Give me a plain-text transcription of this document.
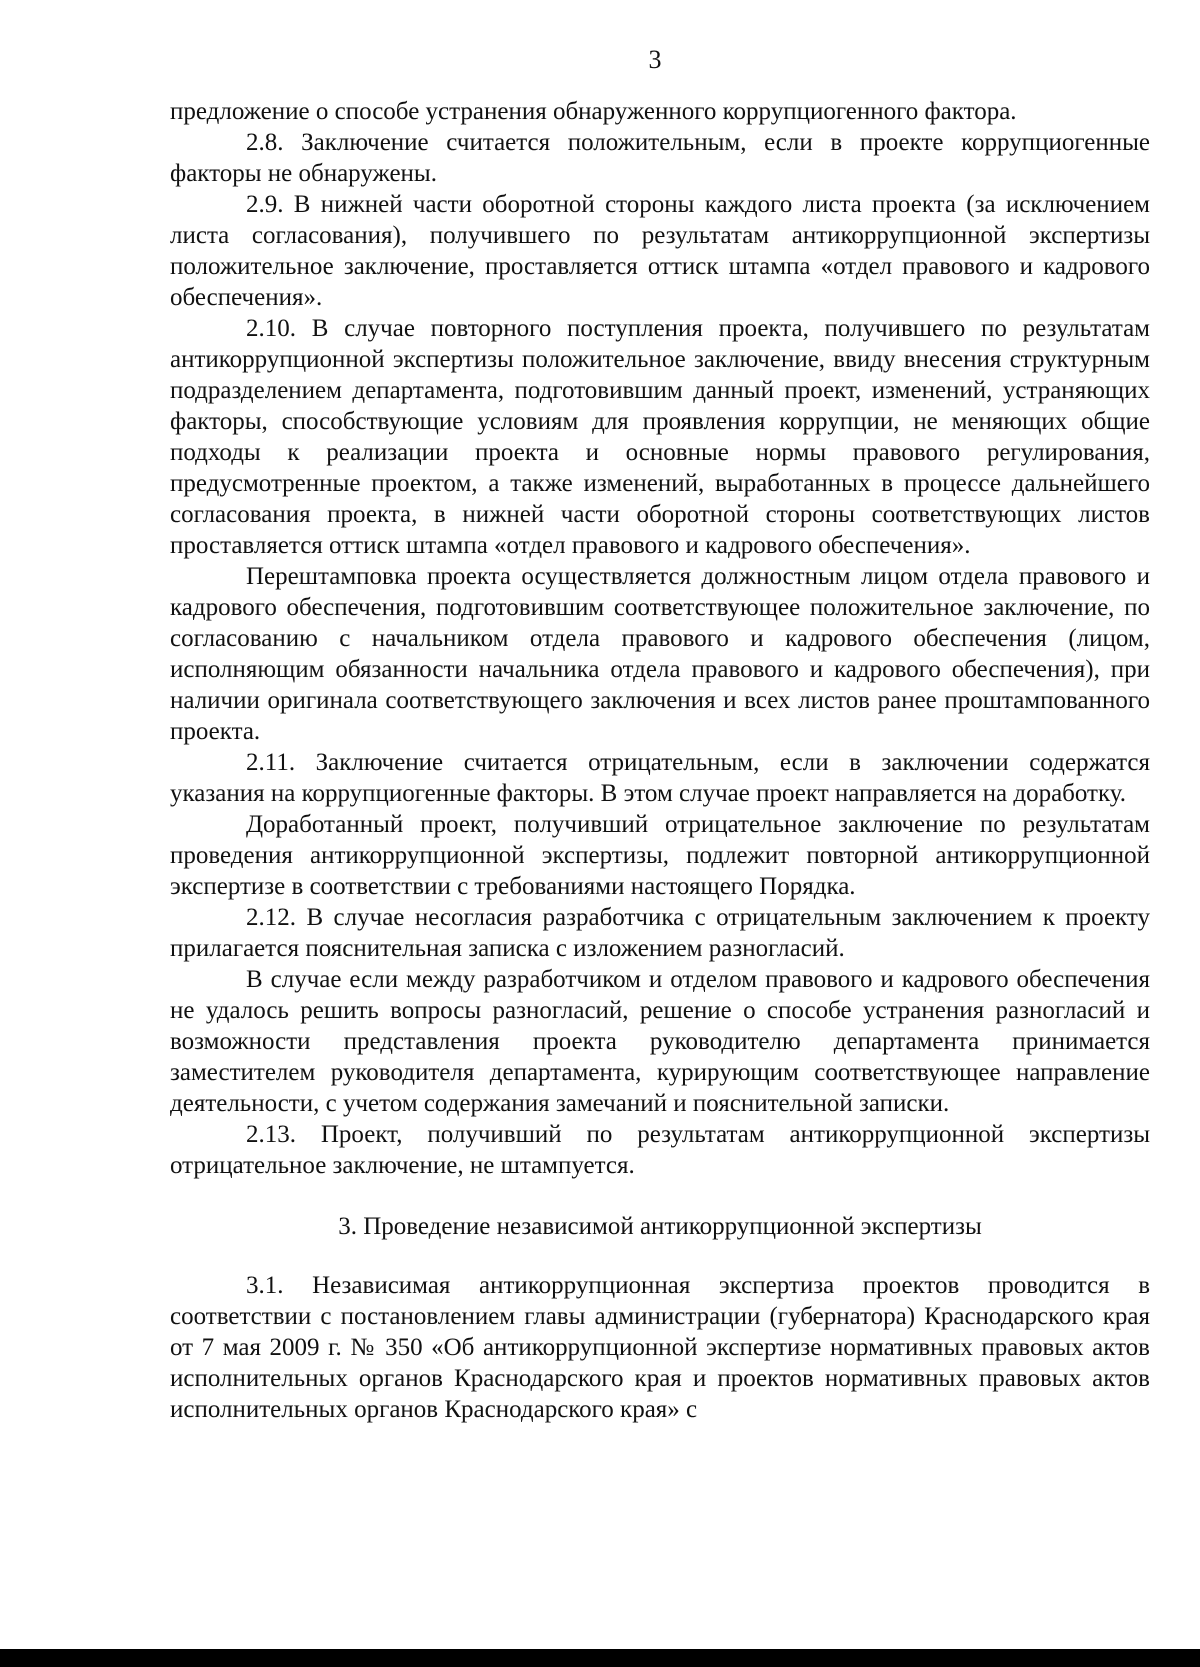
3

предложение о способе устранения обнаруженного коррупциогенного фактора.

2.8. Заключение считается положительным, если в проекте коррупциогенные факторы не обнаружены.

2.9. В нижней части оборотной стороны каждого листа проекта (за исключением листа согласования), получившего по результатам антикоррупционной экспертизы положительное заключение, проставляется оттиск штампа «отдел правового и кадрового обеспечения».

2.10. В случае повторного поступления проекта, получившего по результатам антикоррупционной экспертизы положительное заключение, ввиду внесения структурным подразделением департамента, подготовившим данный проект, изменений, устраняющих факторы, способствующие условиям для проявления коррупции, не меняющих общие подходы к реализации проекта и основные нормы правового регулирования, предусмотренные проектом, а также изменений, выработанных в процессе дальнейшего согласования проекта, в нижней части оборотной стороны соответствующих листов проставляется оттиск штампа «отдел правового и кадрового обеспечения».

Перештамповка проекта осуществляется должностным лицом отдела правового и кадрового обеспечения, подготовившим соответствующее положительное заключение, по согласованию с начальником отдела правового и кадрового обеспечения (лицом, исполняющим обязанности начальника отдела правового и кадрового обеспечения), при наличии оригинала соответствующего заключения и всех листов ранее проштампованного проекта.

2.11. Заключение считается отрицательным, если в заключении содержатся указания на коррупциогенные факторы. В этом случае проект направляется на доработку.

Доработанный проект, получивший отрицательное заключение по результатам проведения антикоррупционной экспертизы, подлежит повторной антикоррупционной экспертизе в соответствии с требованиями настоящего Порядка.

2.12. В случае несогласия разработчика с отрицательным заключением к проекту прилагается пояснительная записка с изложением разногласий.

В случае если между разработчиком и отделом правового и кадрового обеспечения не удалось решить вопросы разногласий, решение о способе устранения разногласий и возможности представления проекта руководителю департамента принимается заместителем руководителя департамента, курирующим соответствующее направление деятельности, с учетом содержания замечаний и пояснительной записки.

2.13. Проект, получивший по результатам антикоррупционной экспертизы отрицательное заключение, не штампуется.

3. Проведение независимой антикоррупционной экспертизы

3.1. Независимая антикоррупционная экспертиза проектов проводится в соответствии с постановлением главы администрации (губернатора) Краснодарского края от 7 мая 2009 г. № 350 «Об антикоррупционной экспертизе нормативных правовых актов исполнительных органов Краснодарского края и проектов нормативных правовых актов исполнительных органов Краснодарского края» с
